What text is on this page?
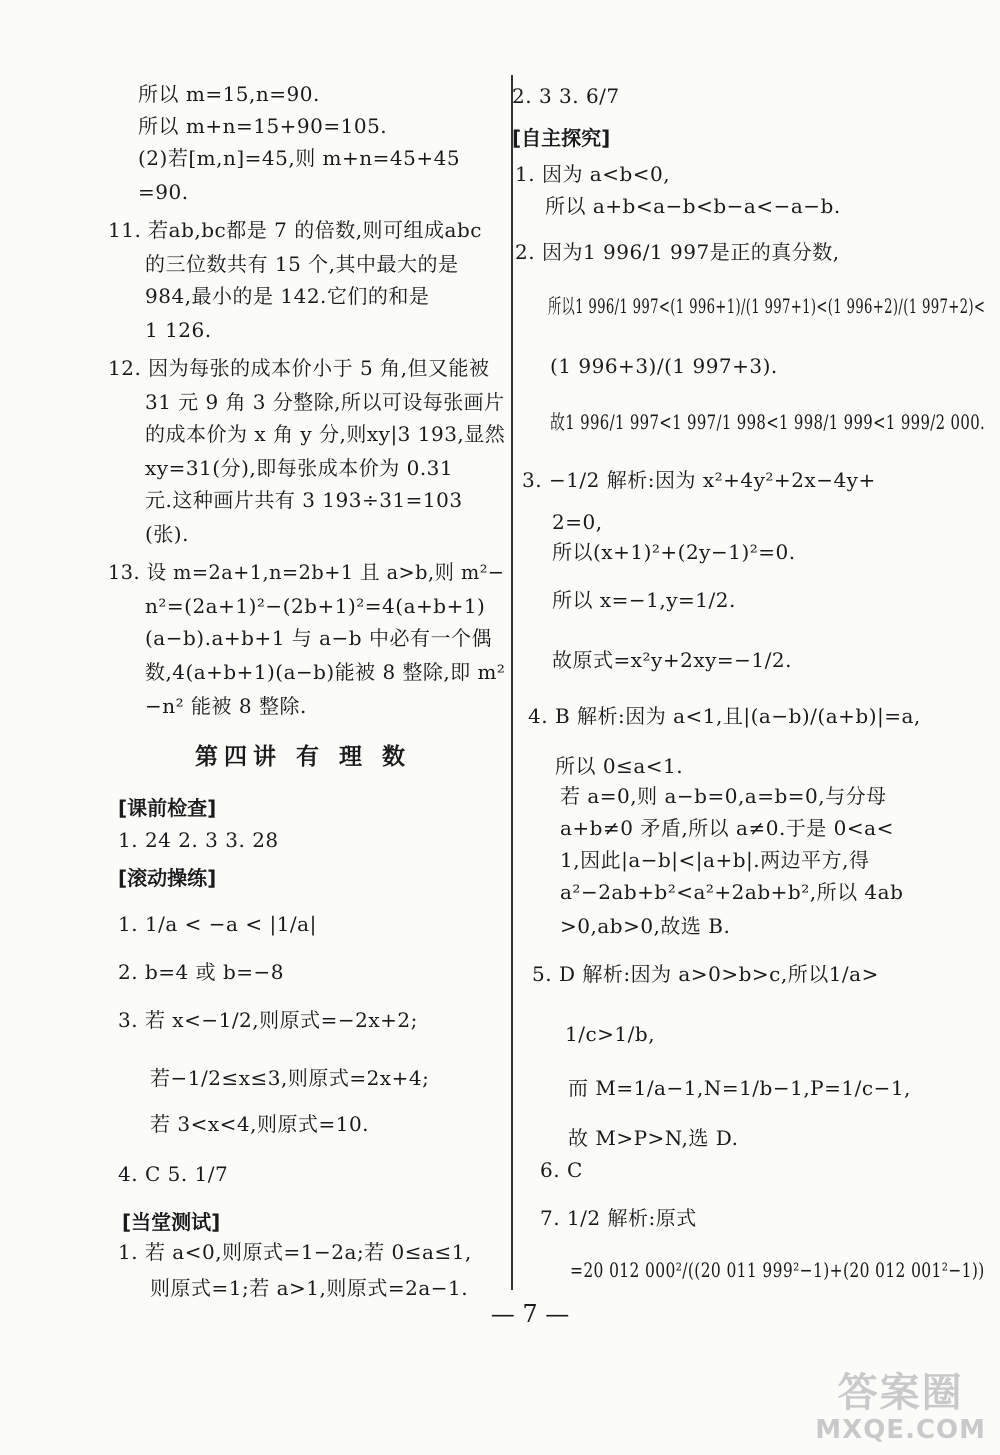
所以 m=15,n=90.
所以 m+n=15+90=105.
(2)若[m,n]=45,则 m+n=45+45
=90.
11. 若ab,bc都是 7 的倍数,则可组成abc
的三位数共有 15 个,其中最大的是
984,最小的是 142.它们的和是
1 126.
12. 因为每张的成本价小于 5 角,但又能被
31 元 9 角 3 分整除,所以可设每张画片
的成本价为 x 角 y 分,则xy|3 193,显然
xy=31(分),即每张成本价为 0.31
元.这种画片共有 3 193÷31=103
(张).
13. 设 m=2a+1,n=2b+1 且 a>b,则 m²−
n²=(2a+1)²−(2b+1)²=4(a+b+1)
(a−b).a+b+1 与 a−b 中必有一个偶
数,4(a+b+1)(a−b)能被 8 整除,即 m²
−n² 能被 8 整除.
1. 24 2. 3 3. 28
1. 1/a < −a < |1/a|
2. b=4 或 b=−8
3. 若 x<−1/2,则原式=−2x+2;
若−1/2≤x≤3,则原式=2x+4;
若 3<x<4,则原式=10.
4. C 5. 1/7
1. 若 a<0,则原式=1−2a;若 0≤a≤1,
则原式=1;若 a>1,则原式=2a−1.
2. 3 3. 6/7
1. 因为 a<b<0,
所以 a+b<a−b<b−a<−a−b.
2. 因为1 996/1 997是正的真分数,
所以1 996/1 997<(1 996+1)/(1 997+1)<(1 996+2)/(1 997+2)<
(1 996+3)/(1 997+3).
故1 996/1 997<1 997/1 998<1 998/1 999<1 999/2 000.
3. −1/2 解析:因为 x²+4y²+2x−4y+
2=0,
所以(x+1)²+(2y−1)²=0.
所以 x=−1,y=1/2.
故原式=x²y+2xy=−1/2.
4. B 解析:因为 a<1,且|(a−b)/(a+b)|=a,
所以 0≤a<1.
若 a=0,则 a−b=0,a=b=0,与分母
a+b≠0 矛盾,所以 a≠0.于是 0<a<
1,因此|a−b|<|a+b|.两边平方,得
a²−2ab+b²<a²+2ab+b²,所以 4ab
>0,ab>0,故选 B.
5. D 解析:因为 a>0>b>c,所以1/a>
1/c>1/b,
而 M=1/a−1,N=1/b−1,P=1/c−1,
故 M>P>N,选 D.
6. C
7. 1/2 解析:原式
=20 012 000²/((20 011 999²−1)+(20 012 001²−1))
[课前检查]
[滚动操练]
[当堂测试]
[自主探究]
第四讲 有 理 数
— 7 —
答案圈
MXQE.COM
